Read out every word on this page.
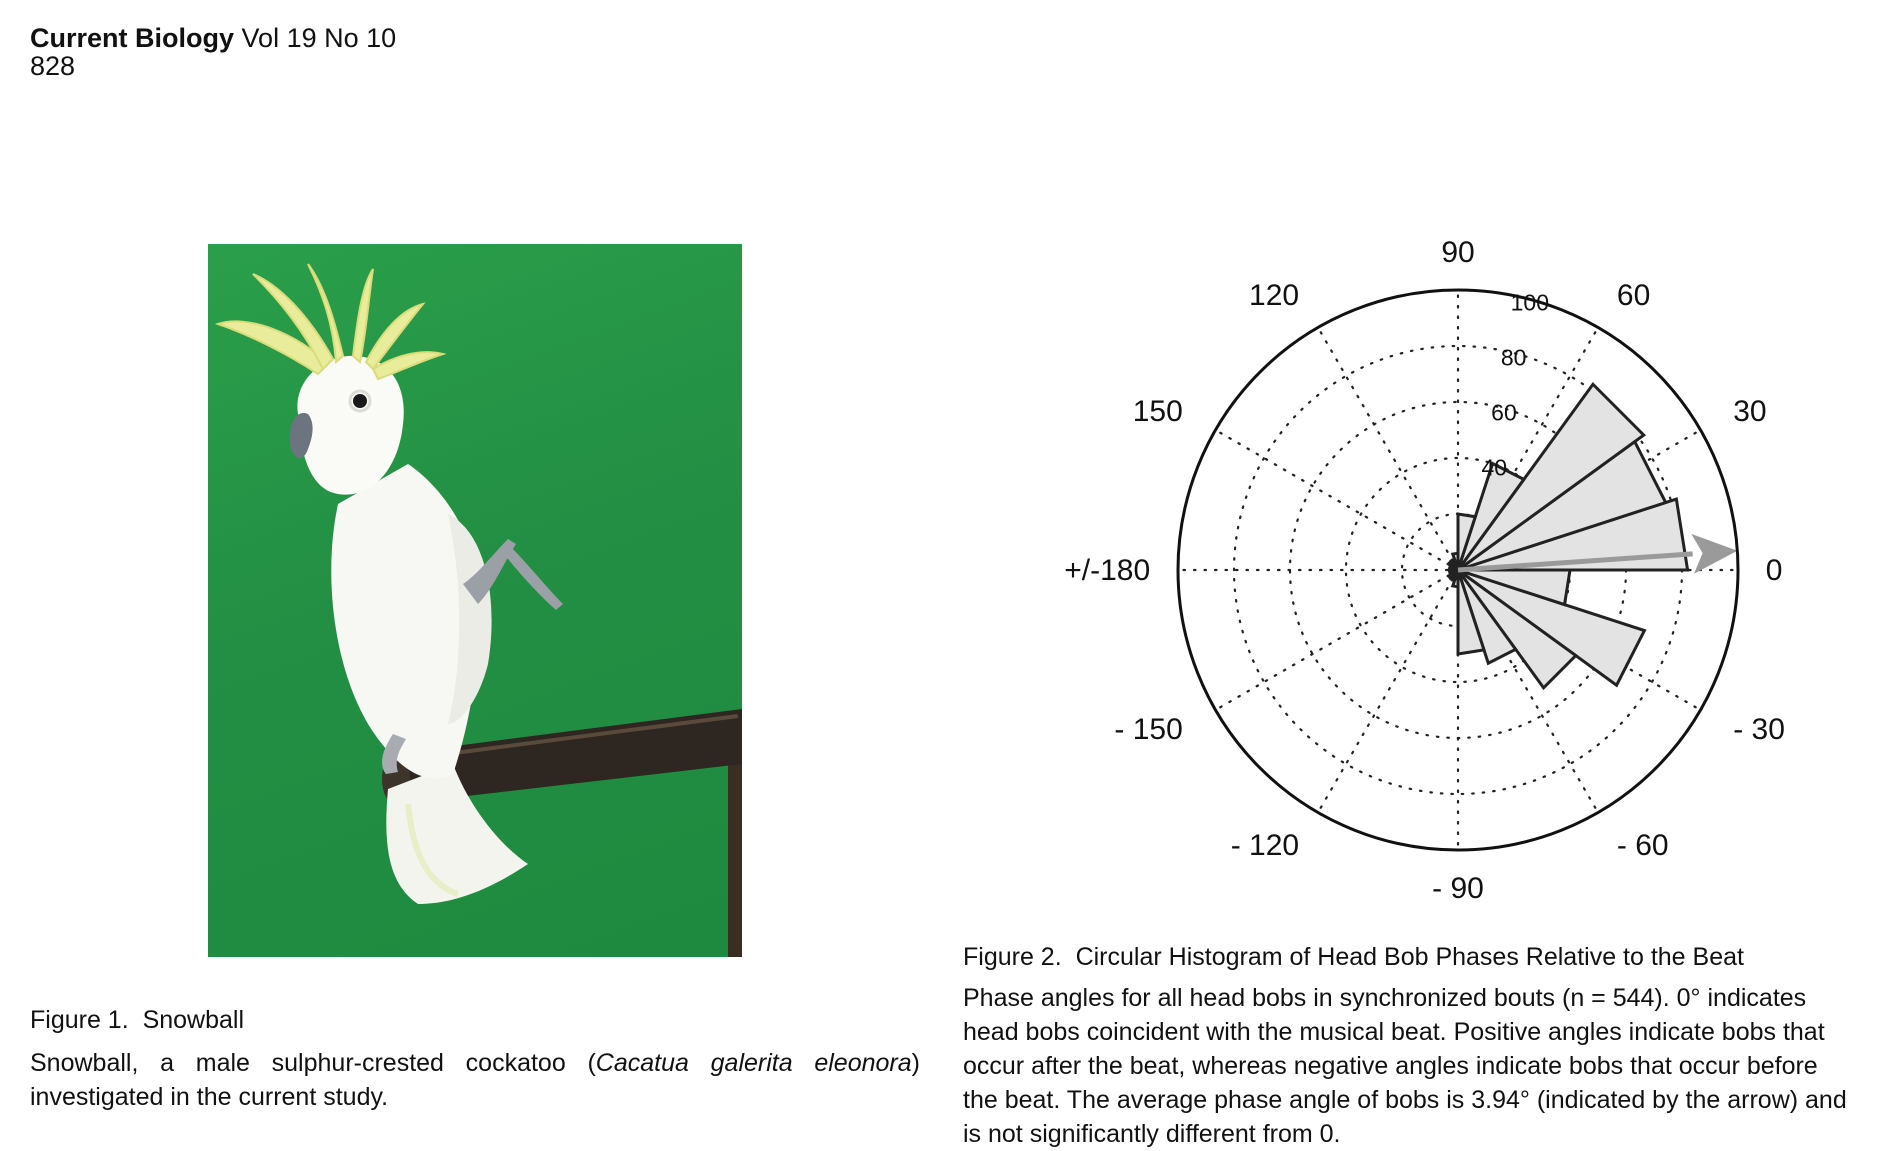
Current Biology Vol 19 No 10
828
Figure 1. Snowball
Snowball, a male sulphur-crested cockatoo (Cacatua galerita eleonora) investigated in the current study.
90
60
30
0
- 30
- 60
- 90
- 120
- 150
+/-180
150
120
40
60
80
100
Figure 2. Circular Histogram of Head Bob Phases Relative to the Beat
Phase angles for all head bobs in synchronized bouts (n = 544). 0° indicates head bobs coincident with the musical beat. Positive angles indicate bobs that occur after the beat, whereas negative angles indicate bobs that occur before the beat. The average phase angle of bobs is 3.94° (indicated by the arrow) and is not significantly different from 0.
